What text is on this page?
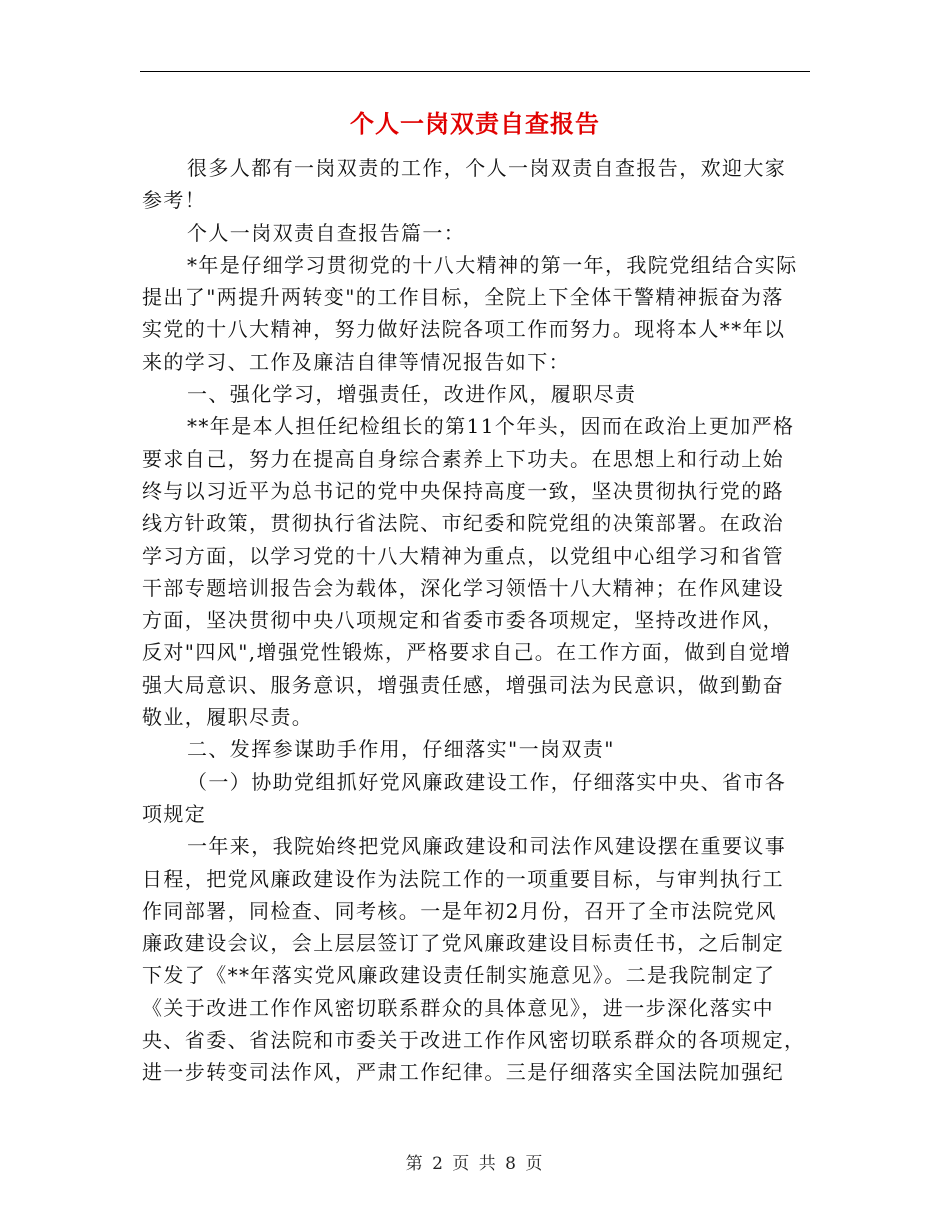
个人一岗双责自查报告
很多人都有一岗双责的工作，个人一岗双责自查报告，欢迎大家
参考！
个人一岗双责自查报告篇一：
*年是仔细学习贯彻党的十八大精神的第一年，我院党组结合实际
提出了"两提升两转变"的工作目标，全院上下全体干警精神振奋为落
实党的十八大精神，努力做好法院各项工作而努力。现将本人**年以
来的学习、工作及廉洁自律等情况报告如下：
一、强化学习，增强责任，改进作风，履职尽责
**年是本人担任纪检组长的第11个年头，因而在政治上更加严格
要求自己，努力在提高自身综合素养上下功夫。在思想上和行动上始
终与以习近平为总书记的党中央保持高度一致，坚决贯彻执行党的路
线方针政策，贯彻执行省法院、市纪委和院党组的决策部署。在政治
学习方面，以学习党的十八大精神为重点，以党组中心组学习和省管
干部专题培训报告会为载体，深化学习领悟十八大精神；在作风建设
方面，坚决贯彻中央八项规定和省委市委各项规定，坚持改进作风，
反对"四风",增强党性锻炼，严格要求自己。在工作方面，做到自觉增
强大局意识、服务意识，增强责任感，增强司法为民意识，做到勤奋
敬业，履职尽责。
二、发挥参谋助手作用，仔细落实"一岗双责"
（一）协助党组抓好党风廉政建设工作，仔细落实中央、省市各
项规定
一年来，我院始终把党风廉政建设和司法作风建设摆在重要议事
日程，把党风廉政建设作为法院工作的一项重要目标，与审判执行工
作同部署，同检查、同考核。一是年初2月份，召开了全市法院党风
廉政建设会议，会上层层签订了党风廉政建设目标责任书，之后制定
下发了《**年落实党风廉政建设责任制实施意见》。二是我院制定了
《关于改进工作作风密切联系群众的具体意见》，进一步深化落实中
央、省委、省法院和市委关于改进工作作风密切联系群众的各项规定，
进一步转变司法作风，严肃工作纪律。三是仔细落实全国法院加强纪
第 2 页 共 8 页
